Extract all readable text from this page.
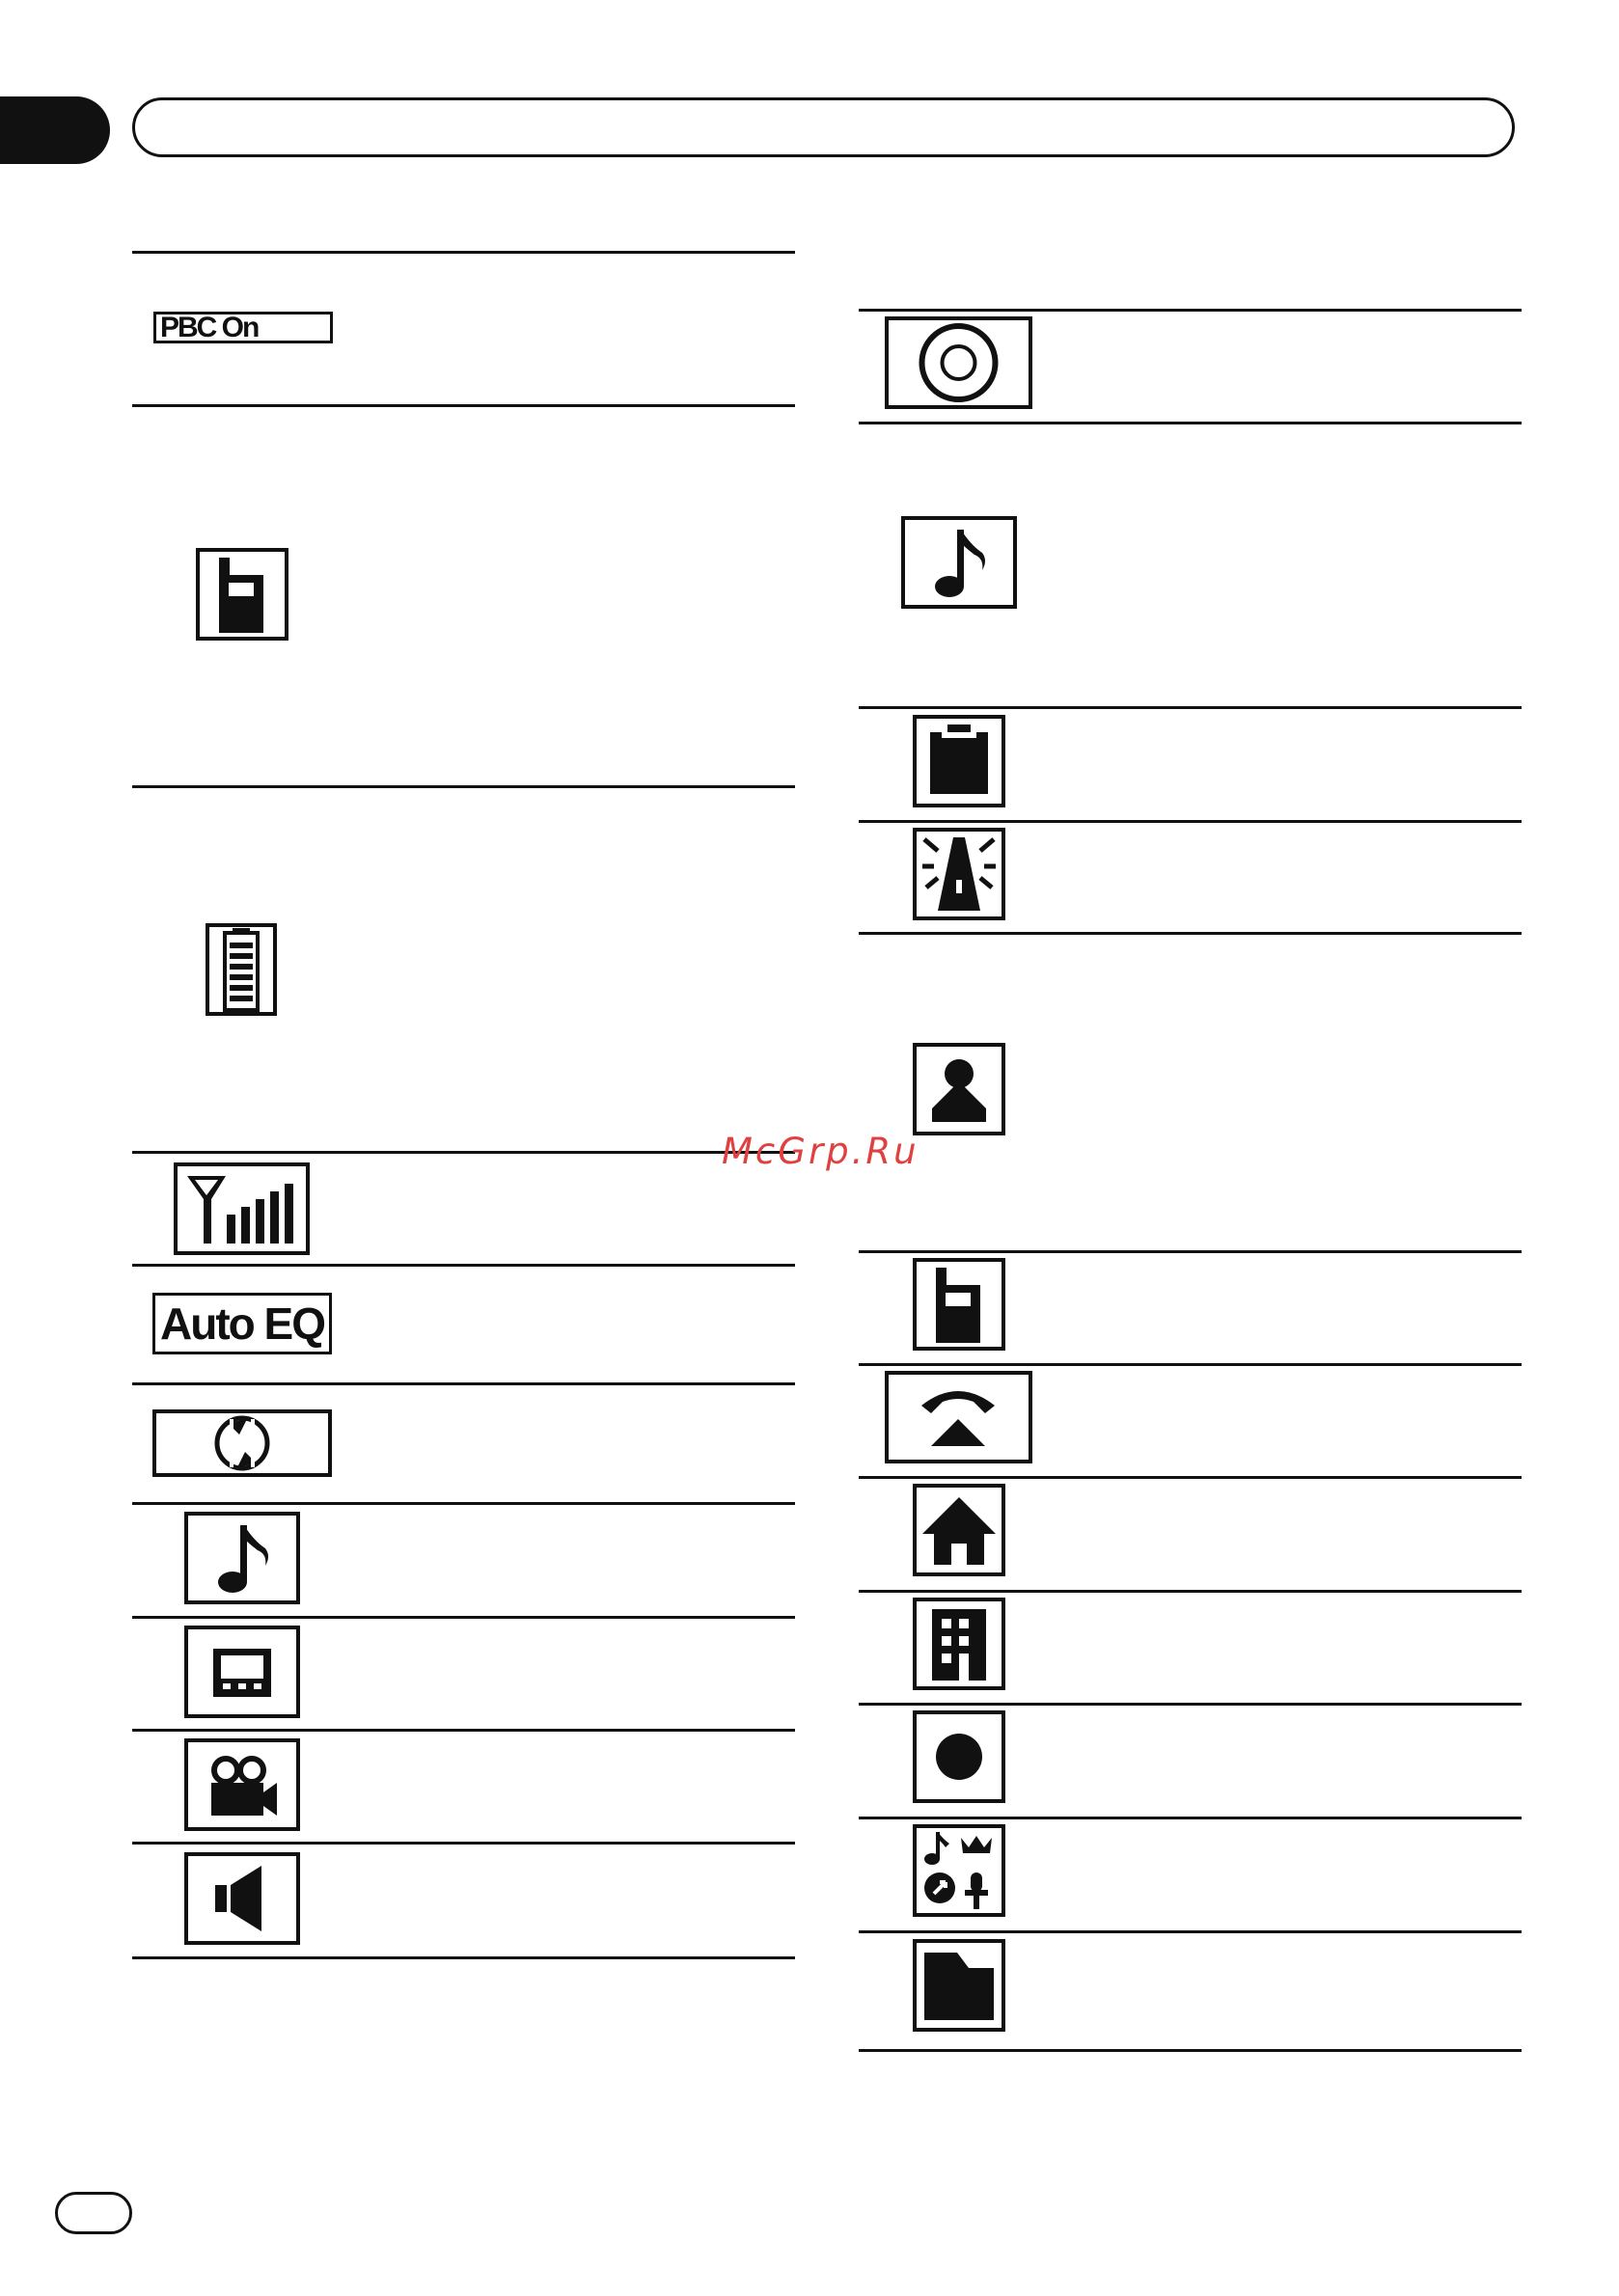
PBC On
Auto EQ
McGrp.Ru
